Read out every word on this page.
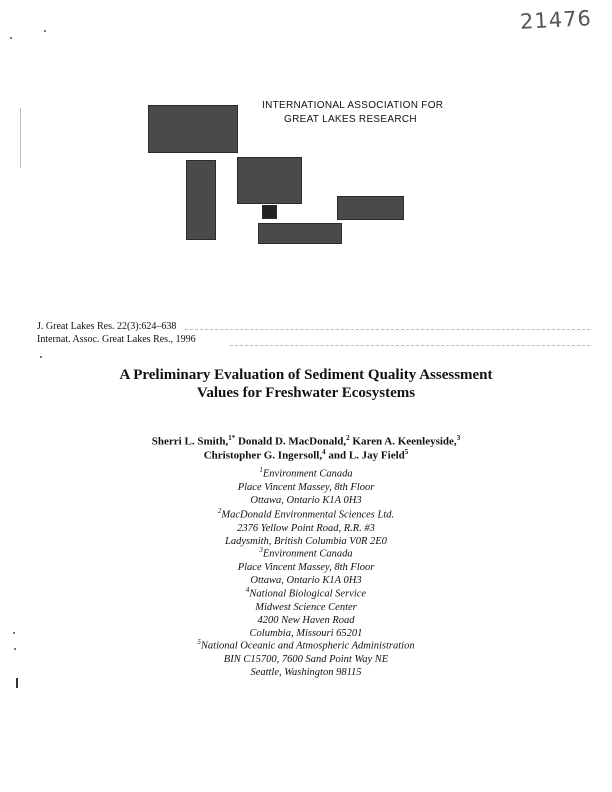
21476
INTERNATIONAL ASSOCIATION FOR
GREAT LAKES RESEARCH
J. Great Lakes Res. 22(3):624–638
Internat. Assoc. Great Lakes Res., 1996
A Preliminary Evaluation of Sediment Quality Assessment
Values for Freshwater Ecosystems
Sherri L. Smith,$^{1*}$ Donald D. MacDonald,$^2$ Karen A. Keenleyside,$^3$
Christopher G. Ingersoll,$^4$ and L. Jay Field$^5$
$^1$Environment Canada
Place Vincent Massey, 8th Floor
Ottawa, Ontario K1A 0H3
$^2$MacDonald Environmental Sciences Ltd.
2376 Yellow Point Road, R.R. #3
Ladysmith, British Columbia V0R 2E0
$^3$Environment Canada
Place Vincent Massey, 8th Floor
Ottawa, Ontario K1A 0H3
$^4$National Biological Service
Midwest Science Center
4200 New Haven Road
Columbia, Missouri 65201
$^5$National Oceanic and Atmospheric Administration
BIN C15700, 7600 Sand Point Way NE
Seattle, Washington 98115
